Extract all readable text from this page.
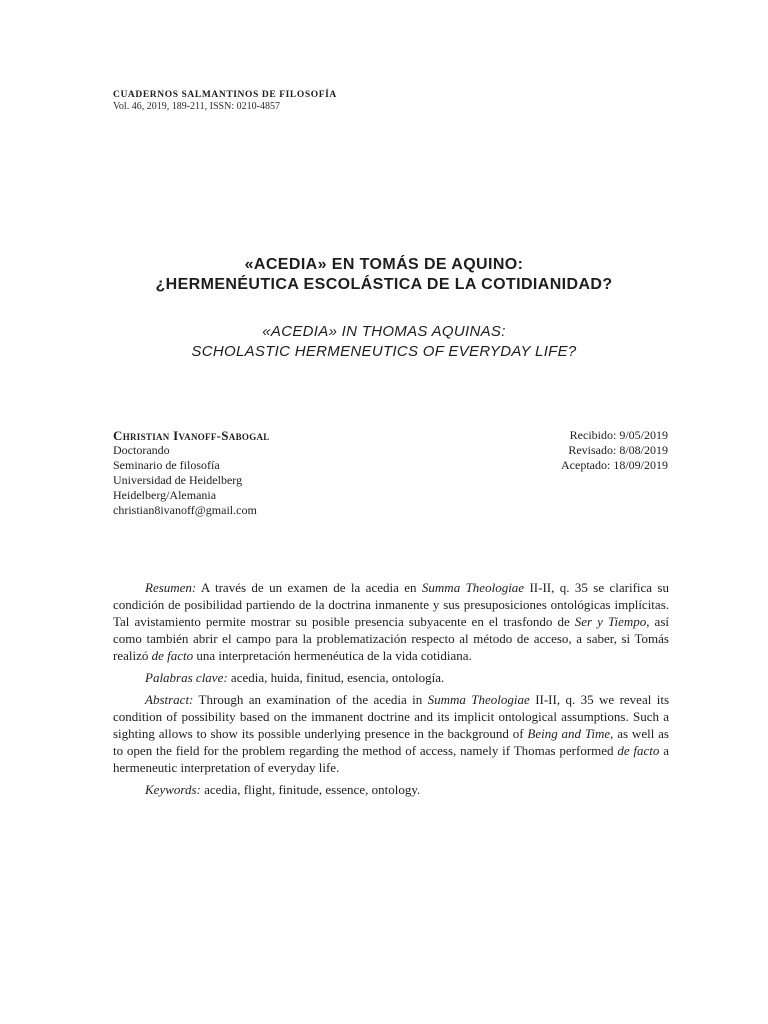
CUADERNOS SALMANTINOS DE FILOSOFÍA
Vol. 46, 2019, 189-211, ISSN: 0210-4857

«ACEDIA» EN TOMÁS DE AQUINO:
¿HERMENÉUTICA ESCOLÁSTICA DE LA COTIDIANIDAD?

«ACEDIA» IN THOMAS AQUINAS:
SCHOLASTIC HERMENEUTICS OF EVERYDAY LIFE?

Christian Ivanoff-Sabogal
Doctorando
Seminario de filosofía
Universidad de Heidelberg
Heidelberg/Alemania
christian8ivanoff@gmail.com
Recibido: 9/05/2019
Revisado: 8/08/2019
Aceptado: 18/09/2019

Resumen: A través de un examen de la acedia en Summa Theologiae II-II, q. 35 se clarifica su condición de posibilidad partiendo de la doctrina inmanente y sus presuposiciones ontológicas implícitas. Tal avistamiento permite mostrar su posible presencia subyacente en el trasfondo de Ser y Tiempo, así como también abrir el campo para la problematización respecto al método de acceso, a saber, si Tomás realizó de facto una interpretación hermenéutica de la vida cotidiana.

Palabras clave: acedia, huida, finitud, esencia, ontología.

Abstract: Through an examination of the acedia in Summa Theologiae II-II, q. 35 we reveal its condition of possibility based on the immanent doctrine and its implicit ontological assumptions. Such a sighting allows to show its possible underlying presence in the background of Being and Time, as well as to open the field for the problem regarding the method of access, namely if Thomas performed de facto a hermeneutic interpretation of everyday life.

Keywords: acedia, flight, finitude, essence, ontology.
